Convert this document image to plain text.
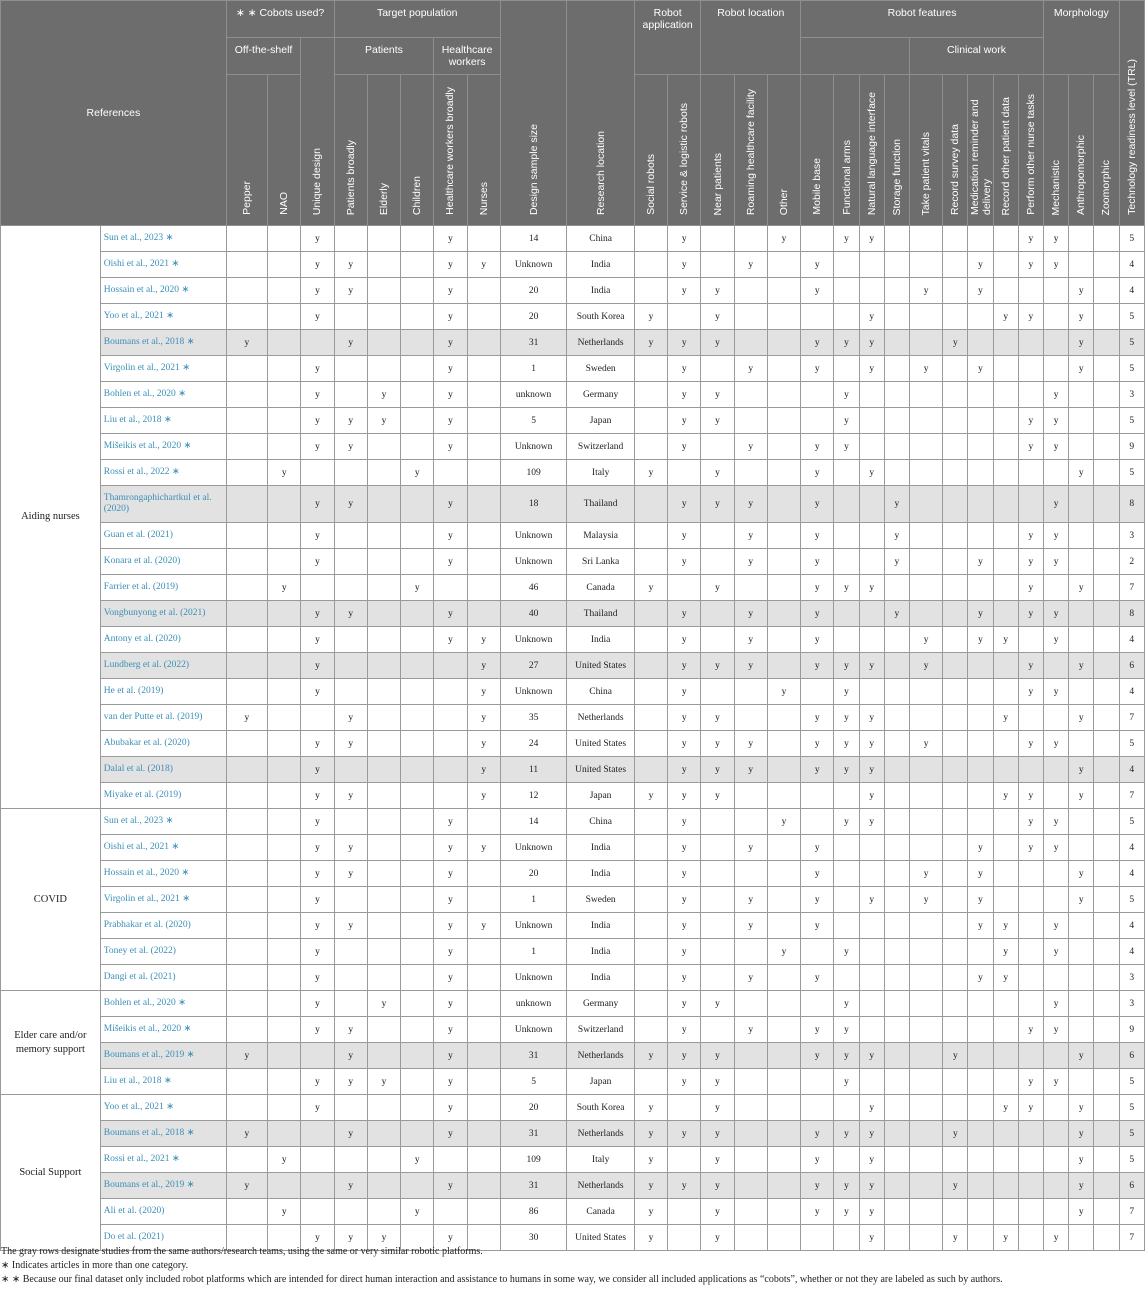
References		∗ ∗ Cobots used?			Target population					Design sample size	Research location	Robot application		Robot location			Robot features									Morphology			Technology readiness level (TRL)

		Off-the-shelf		Unique design	Patients			Healthcare workers													Clinical work								

		Pepper	NAO		Patients broadly	Elderly	Children	Healthcare workers broadly	Nurses			Social robots	Service & logistic robots	Near patients	Roaming healthcare facility	Other	Mobile base	Functional arms	Natural language interface	Storage function	Take patient vitals	Record survey data	Medication reminder and delivery	Record other patient data	Perform other nurse tasks	Mechanistic	Anthropomorphic	Zoomorphic	

Aiding nurses	Sun et al., 2023 ∗			y				y		14	China		y			y		y	y						y	y			5
	Oishi et al., 2021 ∗			y	y			y	y	Unknown	India		y		y		y						y		y	y			4
	Hossain et al., 2020 ∗			y	y			y		20	India		y	y			y				y		y				y		4
	Yoo et al., 2021 ∗			y				y		20	South Korea	y		y					y					y	y		y		5
	Boumans et al., 2018 ∗	y			y			y		31	Netherlands	y	y	y			y	y	y			y					y		5
	Virgolin et al., 2021 ∗			y				y		1	Sweden		y		y		y		y		y		y				y		5
	Bohlen et al., 2020 ∗			y		y		y		unknown	Germany		y	y				y								y			3
	Liu et al., 2018 ∗			y	y	y		y		5	Japan		y	y				y							y	y			5
	Mišeikis et al., 2020 ∗			y	y			y		Unknown	Switzerland		y		y		y	y							y	y			9
	Rossi et al., 2022 ∗		y				y			109	Italy	y		y			y		y								y		5
	Thamrongaphichartkul et al. (2020)			y	y			y		18	Thailand		y	y	y		y			y						y			8
	Guan et al. (2021)			y				y		Unknown	Malaysia		y		y		y			y					y	y			3
	Konara et al. (2020)			y				y		Unknown	Sri Lanka		y		y		y			y			y		y	y			2
	Farrier et al. (2019)		y				y			46	Canada	y		y			y	y	y						y		y		7
	Vongbunyong et al. (2021)			y	y			y		40	Thailand		y		y		y			y			y		y	y			8
	Antony et al. (2020)			y				y	y	Unknown	India		y		y		y				y		y	y		y			4
	Lundberg et al. (2022)			y					y	27	United States		y	y	y		y	y	y		y				y		y		6
	He et al. (2019)			y					y	Unknown	China		y			y		y							y	y			4
	van der Putte et al. (2019)	y			y				y	35	Netherlands		y	y			y	y	y					y			y		7
	Abubakar et al. (2020)			y	y				y	24	United States		y	y	y		y	y	y		y				y	y			5
	Dalal et al. (2018)			y					y	11	United States		y	y	y		y	y	y								y		4
	Miyake et al. (2019)			y	y				y	12	Japan	y	y	y					y					y	y		y		7
COVID	Sun et al., 2023 ∗			y				y		14	China		y			y		y	y						y	y			5
	Oishi et al., 2021 ∗			y	y			y	y	Unknown	India		y		y		y						y		y	y			4
	Hossain et al., 2020 ∗			y	y			y		20	India		y				y				y		y				y		4
	Virgolin et al., 2021 ∗			y				y		1	Sweden		y		y		y		y		y		y				y		5
	Prabhakar et al. (2020)			y	y			y	y	Unknown	India		y		y		y						y	y		y			4
	Toney et al. (2022)			y				y		1	India		y			y		y						y		y			4
	Dangi et al. (2021)			y				y		Unknown	India		y		y		y						y	y					3
Elder care and/or memory support	Bohlen et al., 2020 ∗			y		y		y		unknown	Germany		y	y				y								y			3
	Mišeikis et al., 2020 ∗			y	y			y		Unknown	Switzerland		y		y		y	y							y	y			9
	Boumans et al., 2019 ∗	y			y			y		31	Netherlands	y	y	y			y	y	y			y					y		6
	Liu et al., 2018 ∗			y	y	y		y		5	Japan		y	y				y							y	y			5
Social Support	Yoo et al., 2021 ∗			y				y		20	South Korea	y		y					y					y	y		y		5
	Boumans et al., 2018 ∗	y			y			y		31	Netherlands	y	y	y			y	y	y			y					y		5
	Rossi et al., 2021 ∗		y				y			109	Italy	y		y			y		y								y		5
	Boumans et al., 2019 ∗	y			y			y		31	Netherlands	y	y	y			y	y	y			y					y		6
	Ali et al. (2020)		y				y			86	Canada	y		y			y	y	y								y		7
	Do et al. (2021)			y	y	y		y		30	United States	y		y					y			y		y		y			7
The gray rows designate studies from the same authors/research teams, using the same or very similar robotic platforms.
∗ Indicates articles in more than one category.
∗ ∗ Because our final dataset only included robot platforms which are intended for direct human interaction and assistance to humans in some way, we consider all included applications as “cobots”, whether or not they are labeled as such by authors.
